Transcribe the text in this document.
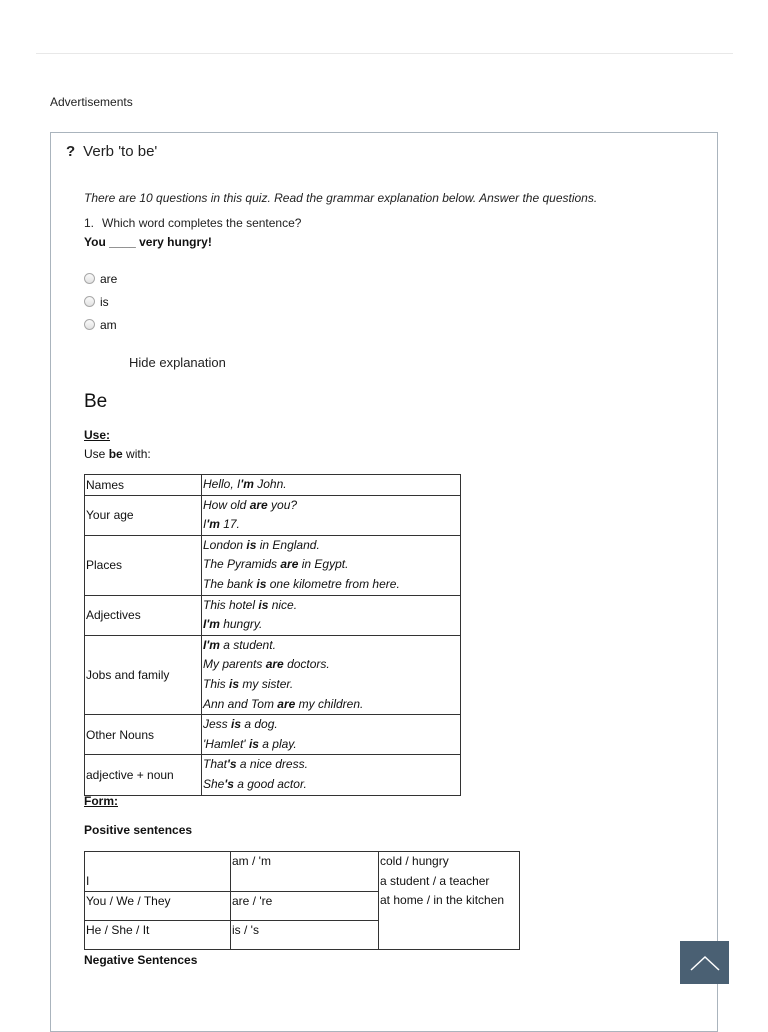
Advertisements
? Verb 'to be'
There are 10 questions in this quiz. Read the grammar explanation below. Answer the questions.
1. Which word completes the sentence?
You ____ very hungry!
are
is
am
Hide explanation
Be
Use:
Use be with:
Names	Hello, I'm John.

Your age	How old are you?
I'm 17.

Places	London is in England.
The Pyramids are in Egypt.
The bank is one kilometre from here.

Adjectives	This hotel is nice.
I'm hungry.

Jobs and family	I'm a student.
My parents are doctors.
This is my sister.
Ann and Tom are my children.

Other Nouns	Jess is a dog.
'Hamlet' is a play.

adjective + noun	That's a nice dress.
She's a good actor.
Form:
Positive sentences
I	am / 'm	cold / hungry
a student / a teacher
at home / in the kitchen

You / We / They	are / 're	

He / She / It	is / 's	
Negative Sentences
